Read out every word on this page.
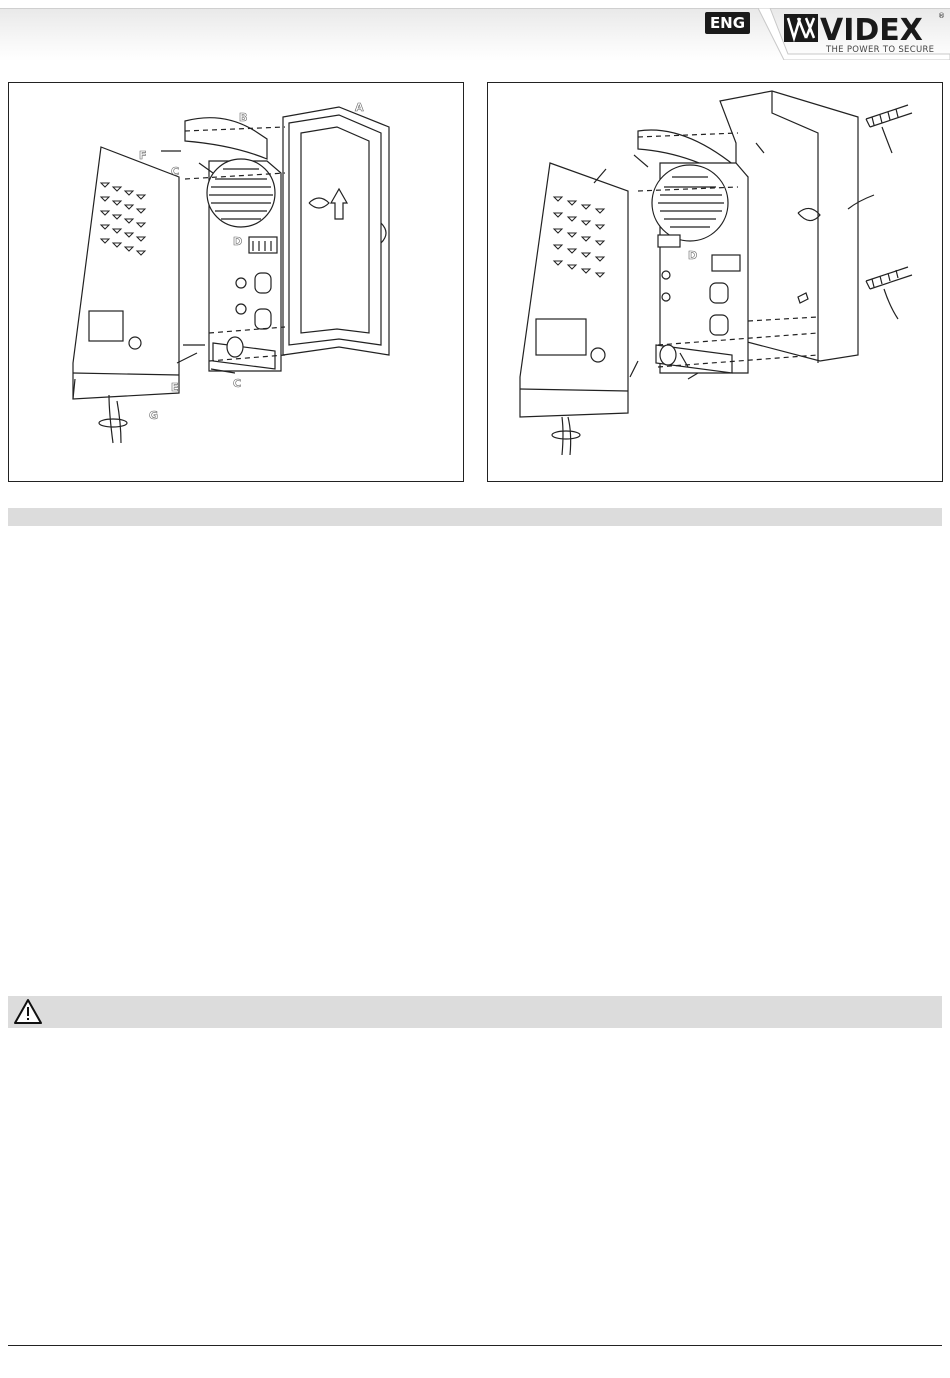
ENG VIDEX ®
THE POWER TO SECURE
A
B
C
C
D
E
F
G
D
